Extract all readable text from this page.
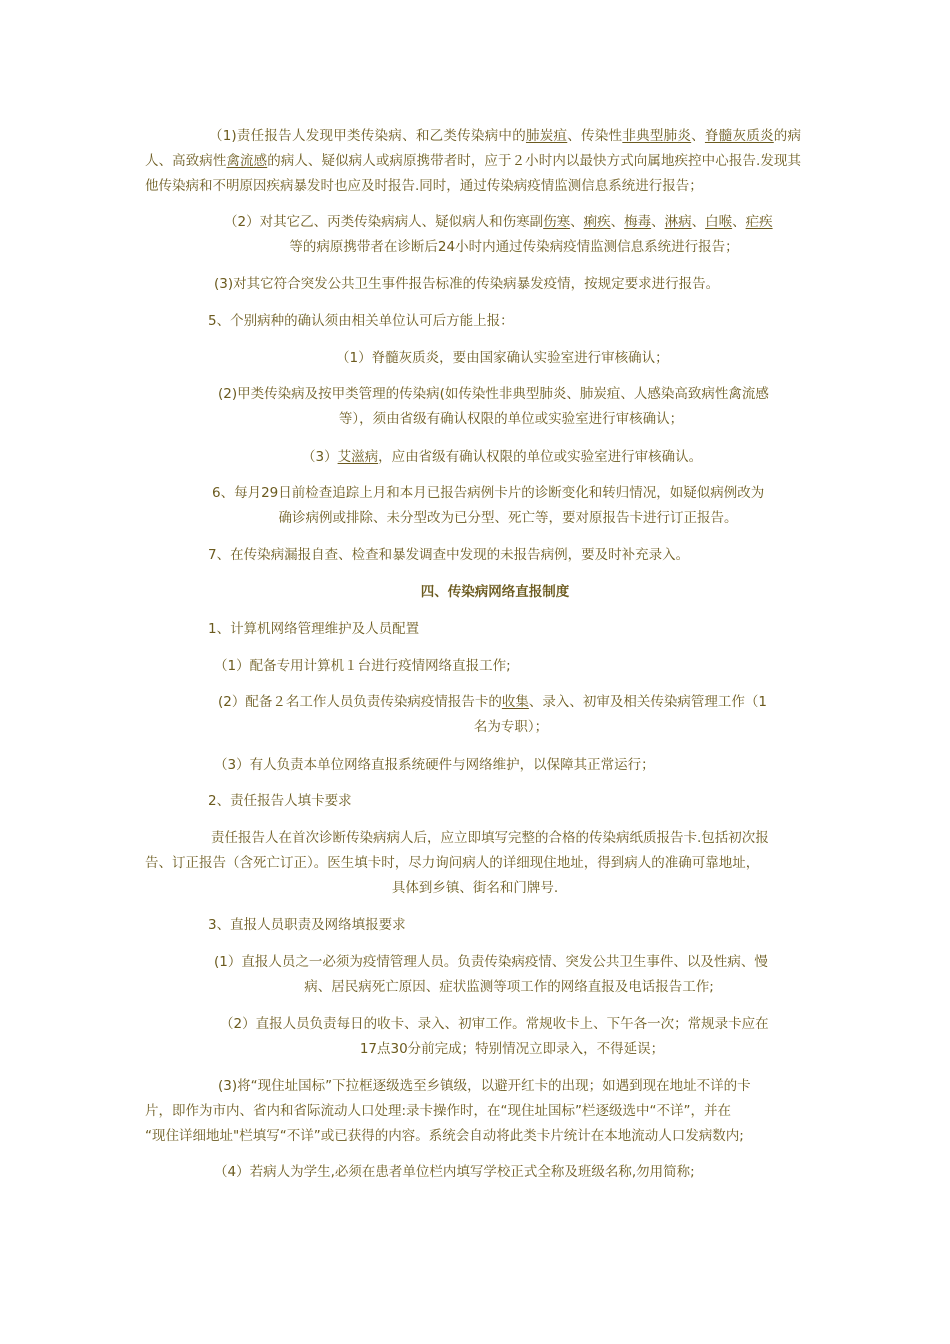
（1)责任报告人发现甲类传染病、和乙类传染病中的肺炭疽、传染性非典型肺炎、脊髓灰质炎的病人、高致病性禽流感的病人、疑似病人或病原携带者时，应于２小时内以最快方式向属地疾控中心报告.发现其他传染病和不明原因疾病暴发时也应及时报告.同时，通过传染病疫情监测信息系统进行报告；
（2）对其它乙、丙类传染病病人、疑似病人和伤寒副伤寒、痢疾、梅毒、淋病、白喉、疟疾
等的病原携带者在诊断后24小时内通过传染病疫情监测信息系统进行报告；
(3)对其它符合突发公共卫生事件报告标准的传染病暴发疫情，按规定要求进行报告。
5、个别病种的确认须由相关单位认可后方能上报：
（1）脊髓灰质炎，要由国家确认实验室进行审核确认；
(2)甲类传染病及按甲类管理的传染病(如传染性非典型肺炎、肺炭疽、人感染高致病性禽流感
等），须由省级有确认权限的单位或实验室进行审核确认；
（3）艾滋病，应由省级有确认权限的单位或实验室进行审核确认。
6、每月29日前检查追踪上月和本月已报告病例卡片的诊断变化和转归情况，如疑似病例改为
确诊病例或排除、未分型改为已分型、死亡等，要对原报告卡进行订正报告。
7、在传染病漏报自查、检查和暴发调查中发现的未报告病例，要及时补充录入。
四、传染病网络直报制度
1、计算机网络管理维护及人员配置
（1）配备专用计算机１台进行疫情网络直报工作;
(2）配备２名工作人员负责传染病疫情报告卡的收集、录入、初审及相关传染病管理工作（1
名为专职）；
（3）有人负责本单位网络直报系统硬件与网络维护，以保障其正常运行；
2、责任报告人填卡要求
责任报告人在首次诊断传染病病人后，应立即填写完整的合格的传染病纸质报告卡.包括初次报
告、订正报告（含死亡订正）。医生填卡时，尽力询问病人的详细现住地址，得到病人的准确可靠地址，
具体到乡镇、街名和门牌号.
3、直报人员职责及网络填报要求
(1）直报人员之一必须为疫情管理人员。负责传染病疫情、突发公共卫生事件、以及性病、慢
病、居民病死亡原因、症状监测等项工作的网络直报及电话报告工作;
（2）直报人员负责每日的收卡、录入、初审工作。常规收卡上、下午各一次；常规录卡应在
17点30分前完成；特别情况立即录入，不得延误；
(3)将“现住址国标”下拉框逐级选至乡镇级，以避开红卡的出现；如遇到现在地址不详的卡
片，即作为市内、省内和省际流动人口处理:录卡操作时，在“现住址国标”栏逐级选中“不详”，并在
“现住详细地址"栏填写“不详”或已获得的内容。系统会自动将此类卡片统计在本地流动人口发病数内;
（4）若病人为学生,必须在患者单位栏内填写学校正式全称及班级名称,勿用简称;
